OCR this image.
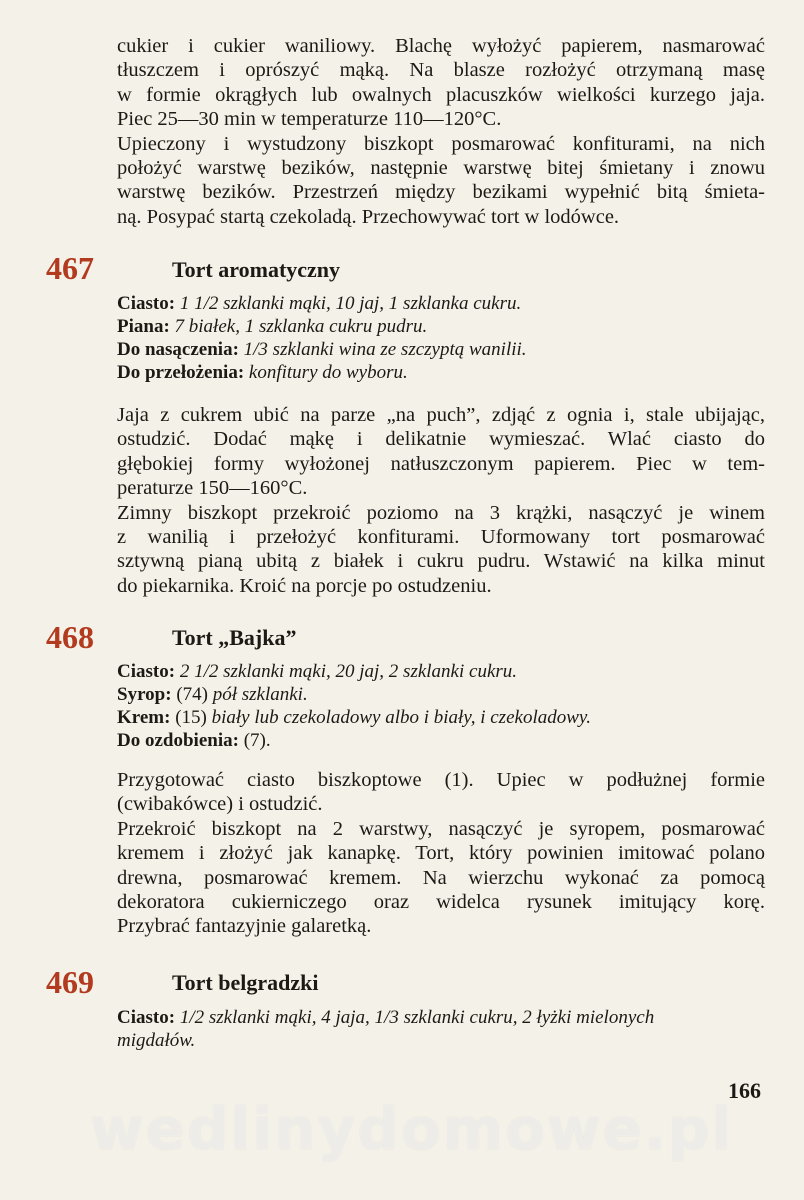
cukier i cukier waniliowy. Blachę wyłożyć papierem, nasmarować

tłuszczem i oprószyć mąką. Na blasze rozłożyć otrzymaną masę

w formie okrągłych lub owalnych placuszków wielkości kurzego jaja.

Piec 25—30 min w temperaturze 110—120°C.

Upieczony i wystudzony biszkopt posmarować konfiturami, na nich

położyć warstwę bezików, następnie warstwę bitej śmietany i znowu

warstwę bezików. Przestrzeń między bezikami wypełnić bitą śmieta-

ną. Posypać startą czekoladą. Przechowywać tort w lodówce.

467	Tort aromatyczny

Ciasto: 1 1/2 szklanki mąki, 10 jaj, 1 szklanka cukru.

Piana: 7 białek, 1 szklanka cukru pudru.

Do nasączenia: 1/3 szklanki wina ze szczyptą wanilii.

Do przełożenia: konfitury do wyboru.

Jaja z cukrem ubić na parze „na puch”, zdjąć z ognia i, stale ubijając,

ostudzić. Dodać mąkę i delikatnie wymieszać. Wlać ciasto do

głębokiej formy wyłożonej natłuszczonym papierem. Piec w tem-

peraturze 150—160°C.

Zimny biszkopt przekroić poziomo na 3 krążki, nasączyć je winem

z wanilią i przełożyć konfiturami. Uformowany tort posmarować

sztywną pianą ubitą z białek i cukru pudru. Wstawić na kilka minut

do piekarnika. Kroić na porcje po ostudzeniu.

468	Tort „Bajka”

Ciasto: 2 1/2 szklanki mąki, 20 jaj, 2 szklanki cukru.

Syrop: (74) pół szklanki.

Krem: (15) biały lub czekoladowy albo i biały, i czekoladowy.

Do ozdobienia: (7).

Przygotować ciasto biszkoptowe (1). Upiec w podłużnej formie

(cwibakówce) i ostudzić.

Przekroić biszkopt na 2 warstwy, nasączyć je syropem, posmarować

kremem i złożyć jak kanapkę. Tort, który powinien imitować polano

drewna, posmarować kremem. Na wierzchu wykonać za pomocą

dekoratora cukierniczego oraz widelca rysunek imitujący korę.

Przybrać fantazyjnie galaretką.

469	Tort belgradzki

Ciasto: 1/2 szklanki mąki, 4 jaja, 1/3 szklanki cukru, 2 łyżki mielonych

migdałów.

166
wedlinydomowe.pl
